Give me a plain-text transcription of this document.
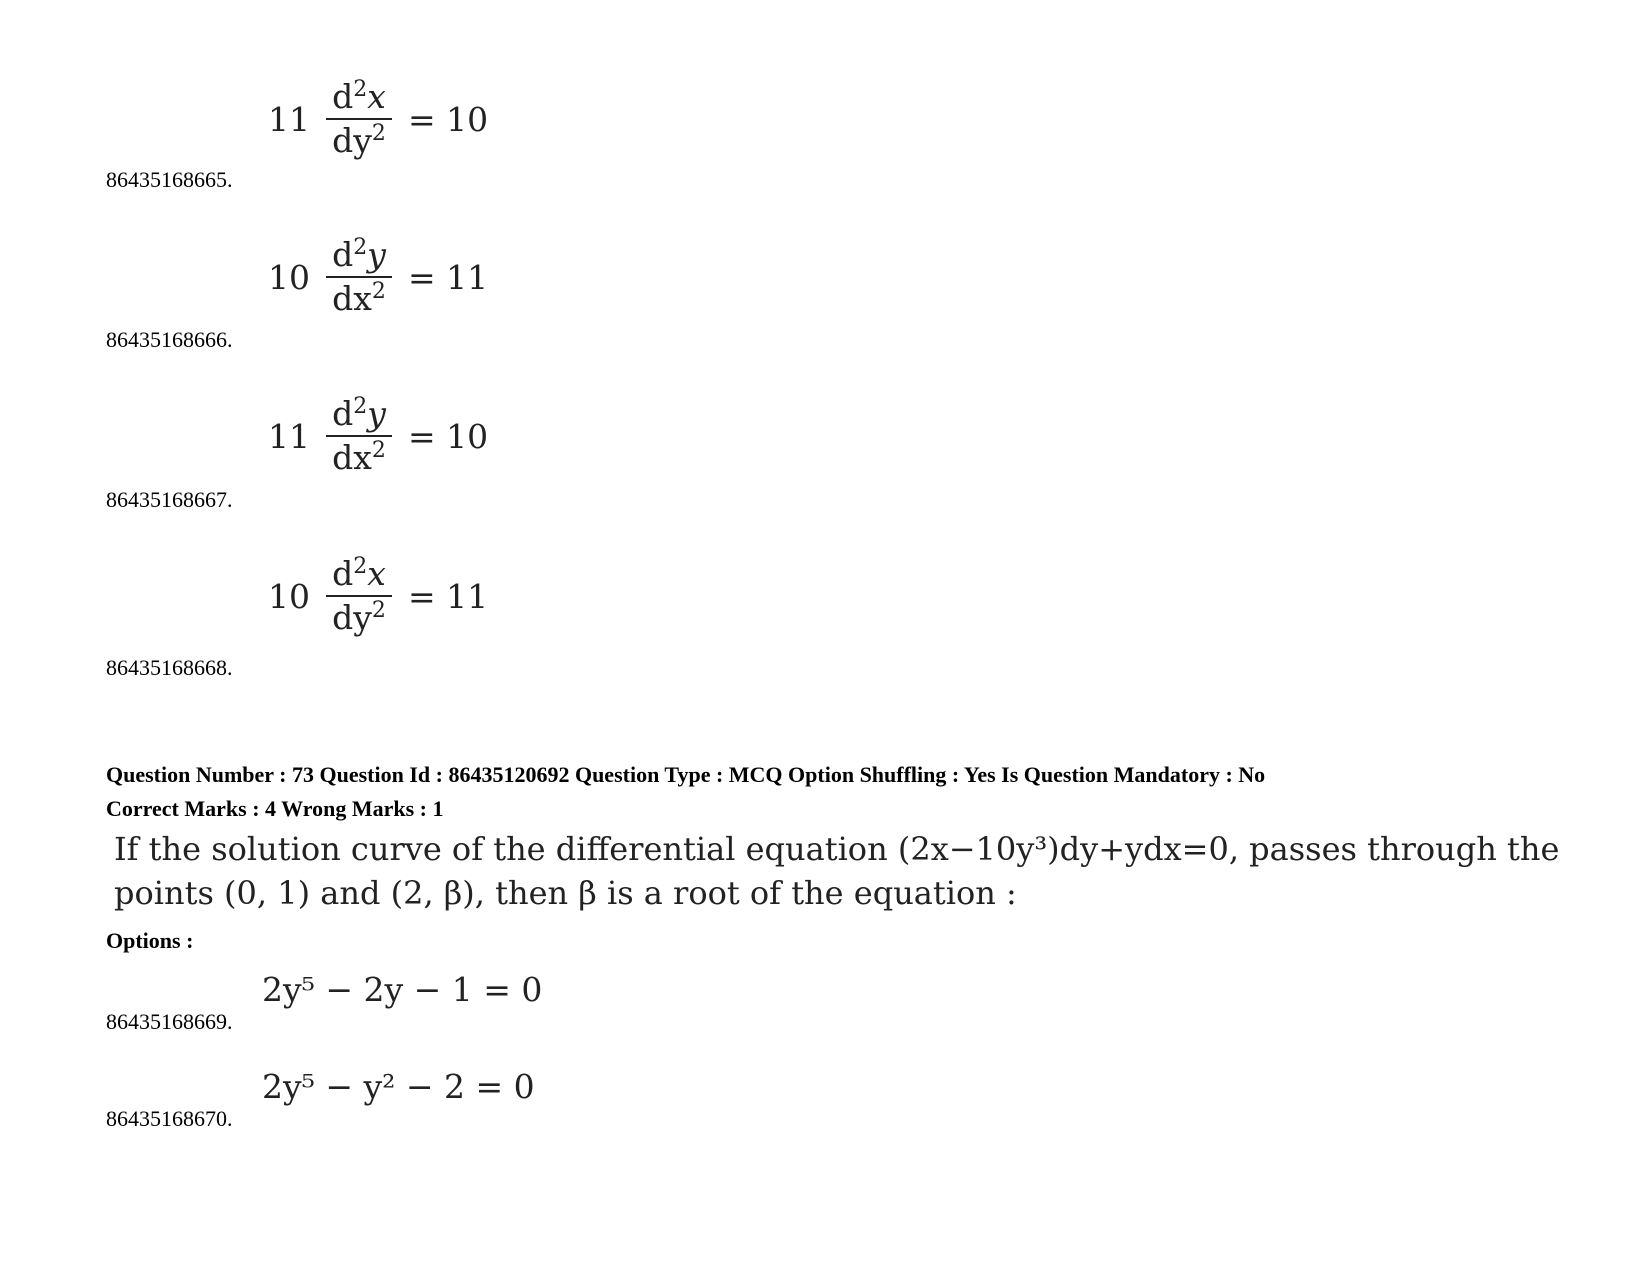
$11 \frac{d^2x}{dy^2} = 10$
86435168665.
$10 \frac{d^2y}{dx^2} = 11$
86435168666.
$11 \frac{d^2y}{dx^2} = 10$
86435168667.
$10 \frac{d^2x}{dy^2} = 11$
86435168668.
Question Number : 73 Question Id : 86435120692 Question Type : MCQ Option Shuffling : Yes Is Question Mandatory : No
Correct Marks : 4 Wrong Marks : 1
If the solution curve of the differential equation (2x−10y³)dy+ydx=0, passes through the
points (0, 1) and (2, β), then β is a root of the equation :
Options :
2y⁵ − 2y − 1 = 0
86435168669.
2y⁵ − y² − 2 = 0
86435168670.
